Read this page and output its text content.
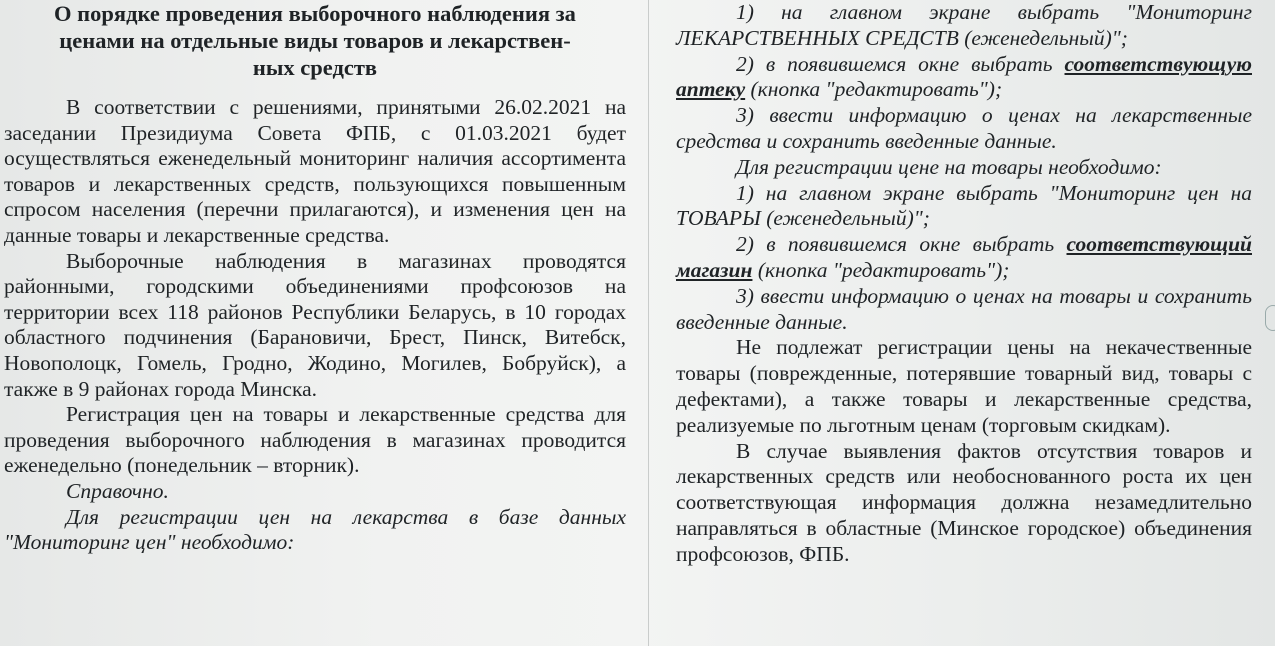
О порядке проведения выборочного наблюдения за
ценами на отдельные виды товаров и лекарствен-
ных средств

В соответствии с решениями, принятыми 26.02.2021 на заседании Президиума Совета ФПБ, с 01.03.2021 будет осуществляться еженедельный мониторинг наличия ассортимента товаров и лекарственных средств, пользующихся повышенным спросом населения (перечни прилагаются), и изменения цен на данные товары и лекарственные средства.

Выборочные наблюдения в магазинах проводятся районными, городскими объединениями профсоюзов на территории всех 118 районов Республики Беларусь, в 10 городах областного подчинения (Барановичи, Брест, Пинск, Витебск, Новополоцк, Гомель, Гродно, Жодино, Могилев, Бобруйск), а также в 9 районах города Минска.

Регистрация цен на товары и лекарственные средства для проведения выборочного наблюдения в магазинах проводится еженедельно (понедельник – вторник).

Справочно.

Для регистрации цен на лекарства в базе данных "Мониторинг цен" необходимо:

1) на главном экране выбрать "Мониторинг ЛЕКАРСТВЕННЫХ СРЕДСТВ (еженедельный)";

2) в появившемся окне выбрать соответствующую аптеку (кнопка "редактировать");

3) ввести информацию о ценах на лекарственные средства и сохранить введенные данные.

Для регистрации цене на товары необходимо:

1) на главном экране выбрать "Мониторинг цен на ТОВАРЫ (еженедельный)";

2) в появившемся окне выбрать соответствующий магазин (кнопка "редактировать");

3) ввести информацию о ценах на товары и сохранить введенные данные.

Не подлежат регистрации цены на некачественные товары (поврежденные, потерявшие товарный вид, товары с дефектами), а также товары и лекарственные средства, реализуемые по льготным ценам (торговым скидкам).

В случае выявления фактов отсутствия товаров и лекарственных средств или необоснованного роста их цен соответствующая информация должна незамедлительно направляться в областные (Минское городское) объединения профсоюзов, ФПБ.
